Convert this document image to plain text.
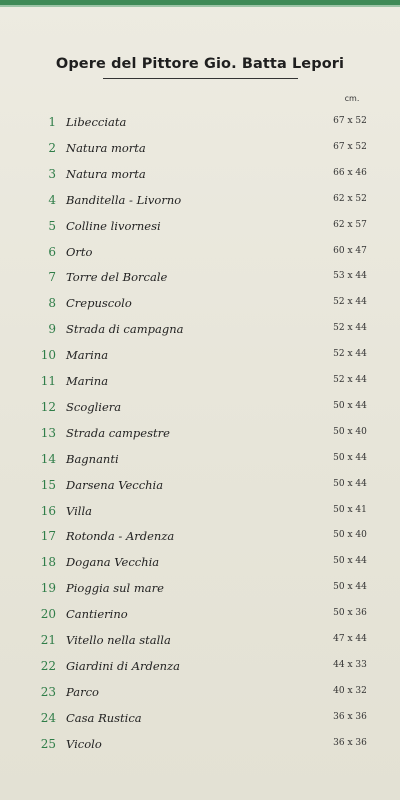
Opere del Pittore Gio. Batta Lepori
cm.
1 Libecciata	67 x 52
2 Natura morta	67 x 52
3 Natura morta	66 x 46
4 Banditella - Livorno	62 x 52
5 Colline livornesi	62 x 57
6 Orto	60 x 47
7 Torre del Borcale	53 x 44
8 Crepuscolo	52 x 44
9 Strada di campagna	52 x 44
10 Marina	52 x 44
11 Marina	52 x 44
12 Scogliera	50 x 44
13 Strada campestre	50 x 40
14 Bagnanti	50 x 44
15 Darsena Vecchia	50 x 44
16 Villa	50 x 41
17 Rotonda - Ardenza	50 x 40
18 Dogana Vecchia	50 x 44
19 Pioggia sul mare	50 x 44
20 Cantierino	50 x 36
21 Vitello nella stalla	47 x 44
22 Giardini di Ardenza	44 x 33
23 Parco	40 x 32
24 Casa Rustica	36 x 36
25 Vicolo	36 x 36
